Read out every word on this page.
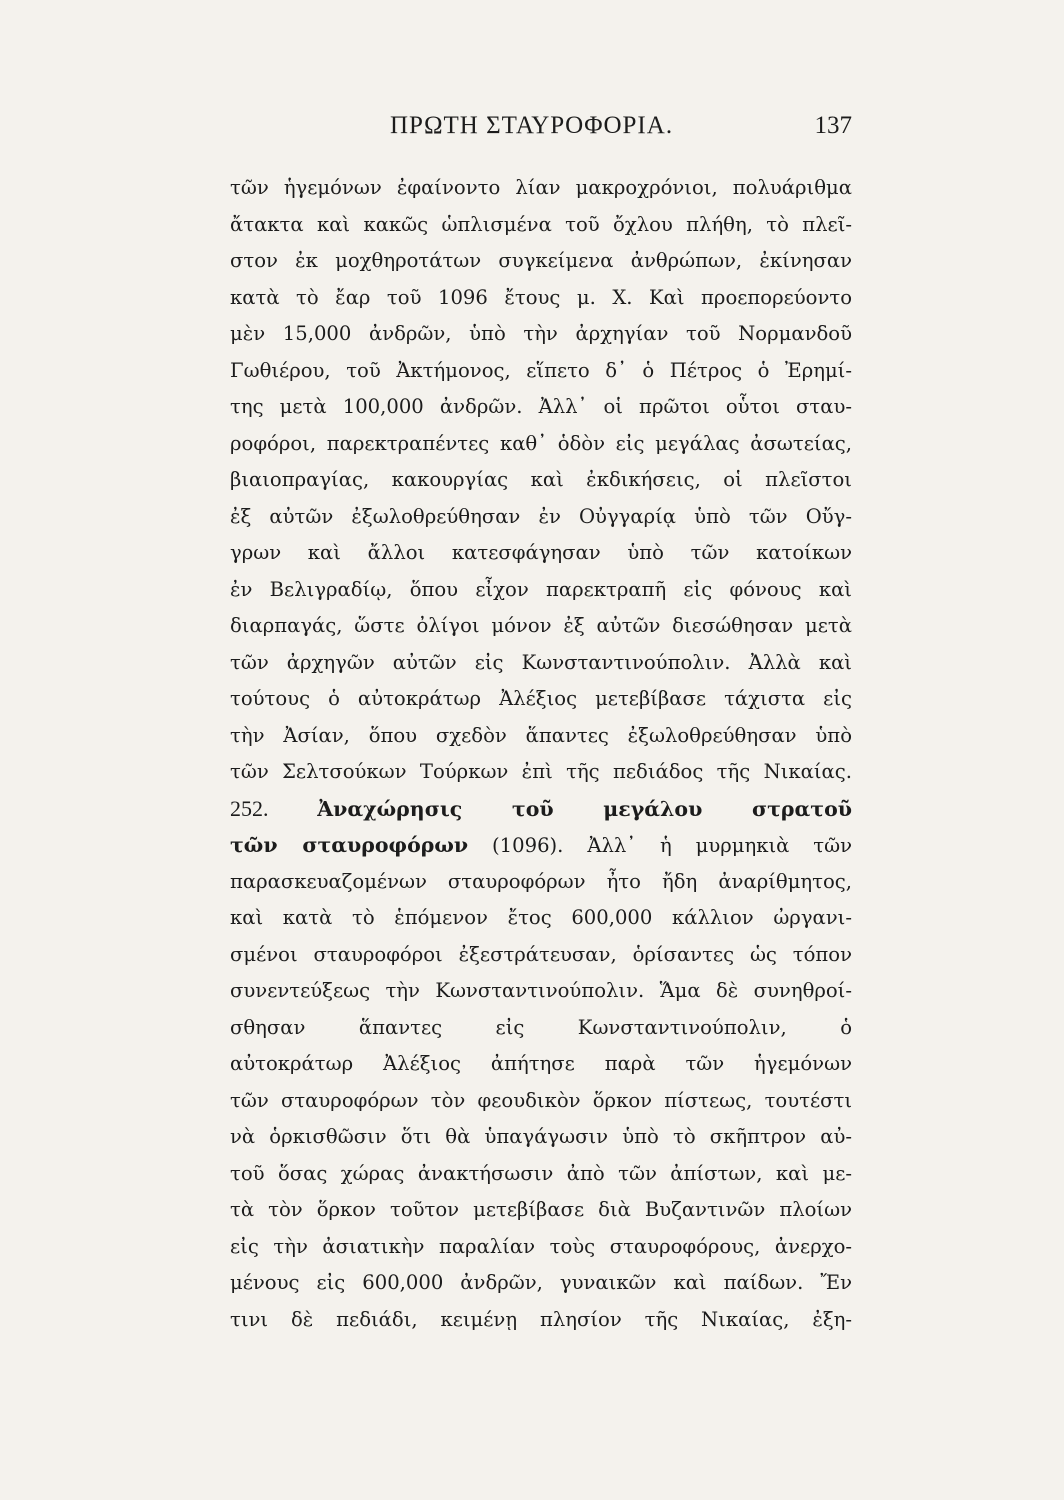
ΠΡΩΤΗ ΣΤΑΥΡΟΦΟΡΙΑ.	137
τῶν ἡγεμόνων ἐφαίνοντο λίαν μακροχρόνιοι, πολυάριθμα
ἄτακτα καὶ κακῶς ὡπλισμένα τοῦ ὄχλου πλήθη, τὸ πλεῖ-
στον ἐκ μοχθηροτάτων συγκείμενα ἀνθρώπων, ἐκίνησαν
κατὰ τὸ ἔαρ τοῦ 1096 ἔτους μ. Χ. Καὶ προεπορεύοντο
μὲν 15,000 ἀνδρῶν, ὑπὸ τὴν ἀρχηγίαν τοῦ Νορμανδοῦ
Γωθιέρου, τοῦ Ἀκτήμονος, εἵπετο δ᾽ ὁ Πέτρος ὁ Ἐρημί-
της μετὰ 100,000 ἀνδρῶν. Ἀλλ᾽ οἱ πρῶτοι οὗτοι σταυ-
ροφόροι, παρεκτραπέντες καθ᾽ ὁδὸν εἰς μεγάλας ἀσωτείας,
βιαιοπραγίας, κακουργίας καὶ ἐκδικήσεις, οἱ πλεῖστοι
ἐξ αὐτῶν ἐξωλοθρεύθησαν ἐν Οὐγγαρίᾳ ὑπὸ τῶν Οὔγ-
γρων καὶ ἄλλοι κατεσφάγησαν ὑπὸ τῶν κατοίκων
ἐν Βελιγραδίῳ, ὅπου εἶχον παρεκτραπῆ εἰς φόνους καὶ
διαρπαγάς, ὥστε ὀλίγοι μόνον ἐξ αὐτῶν διεσώθησαν μετὰ
τῶν ἀρχηγῶν αὐτῶν εἰς Κωνσταντινούπολιν. Ἀλλὰ καὶ
τούτους ὁ αὐτοκράτωρ Ἀλέξιος μετεβίβασε τάχιστα εἰς
τὴν Ἀσίαν, ὅπου σχεδὸν ἅπαντες ἐξωλοθρεύθησαν ὑπὸ
τῶν Σελτσούκων Τούρκων ἐπὶ τῆς πεδιάδος τῆς Νικαίας.
252. Ἀναχώρησις τοῦ μεγάλου στρατοῦ
τῶν σταυροφόρων (1096). Ἀλλ᾽ ἡ μυρμηκιὰ τῶν
παρασκευαζομένων σταυροφόρων ἦτο ἤδη ἀναρίθμητος,
καὶ κατὰ τὸ ἑπόμενον ἔτος 600,000 κάλλιον ὠργανι-
σμένοι σταυροφόροι ἐξεστράτευσαν, ὁρίσαντες ὡς τόπον
συνεντεύξεως τὴν Κωνσταντινούπολιν. Ἅμα δὲ συνηθροί-
σθησαν ἅπαντες εἰς Κωνσταντινούπολιν, ὁ
αὐτοκράτωρ Ἀλέξιος ἀπήτησε παρὰ τῶν ἡγεμόνων
τῶν σταυροφόρων τὸν φεουδικὸν ὅρκον πίστεως, τουτέστι
νὰ ὁρκισθῶσιν ὅτι θὰ ὑπαγάγωσιν ὑπὸ τὸ σκῆπτρον αὐ-
τοῦ ὅσας χώρας ἀνακτήσωσιν ἀπὸ τῶν ἀπίστων, καὶ με-
τὰ τὸν ὅρκον τοῦτον μετεβίβασε διὰ Βυζαντινῶν πλοίων
εἰς τὴν ἀσιατικὴν παραλίαν τοὺς σταυροφόρους, ἀνερχο-
μένους εἰς 600,000 ἀνδρῶν, γυναικῶν καὶ παίδων. Ἔν
τινι δὲ πεδιάδι, κειμένῃ πλησίον τῆς Νικαίας, ἐξη-
